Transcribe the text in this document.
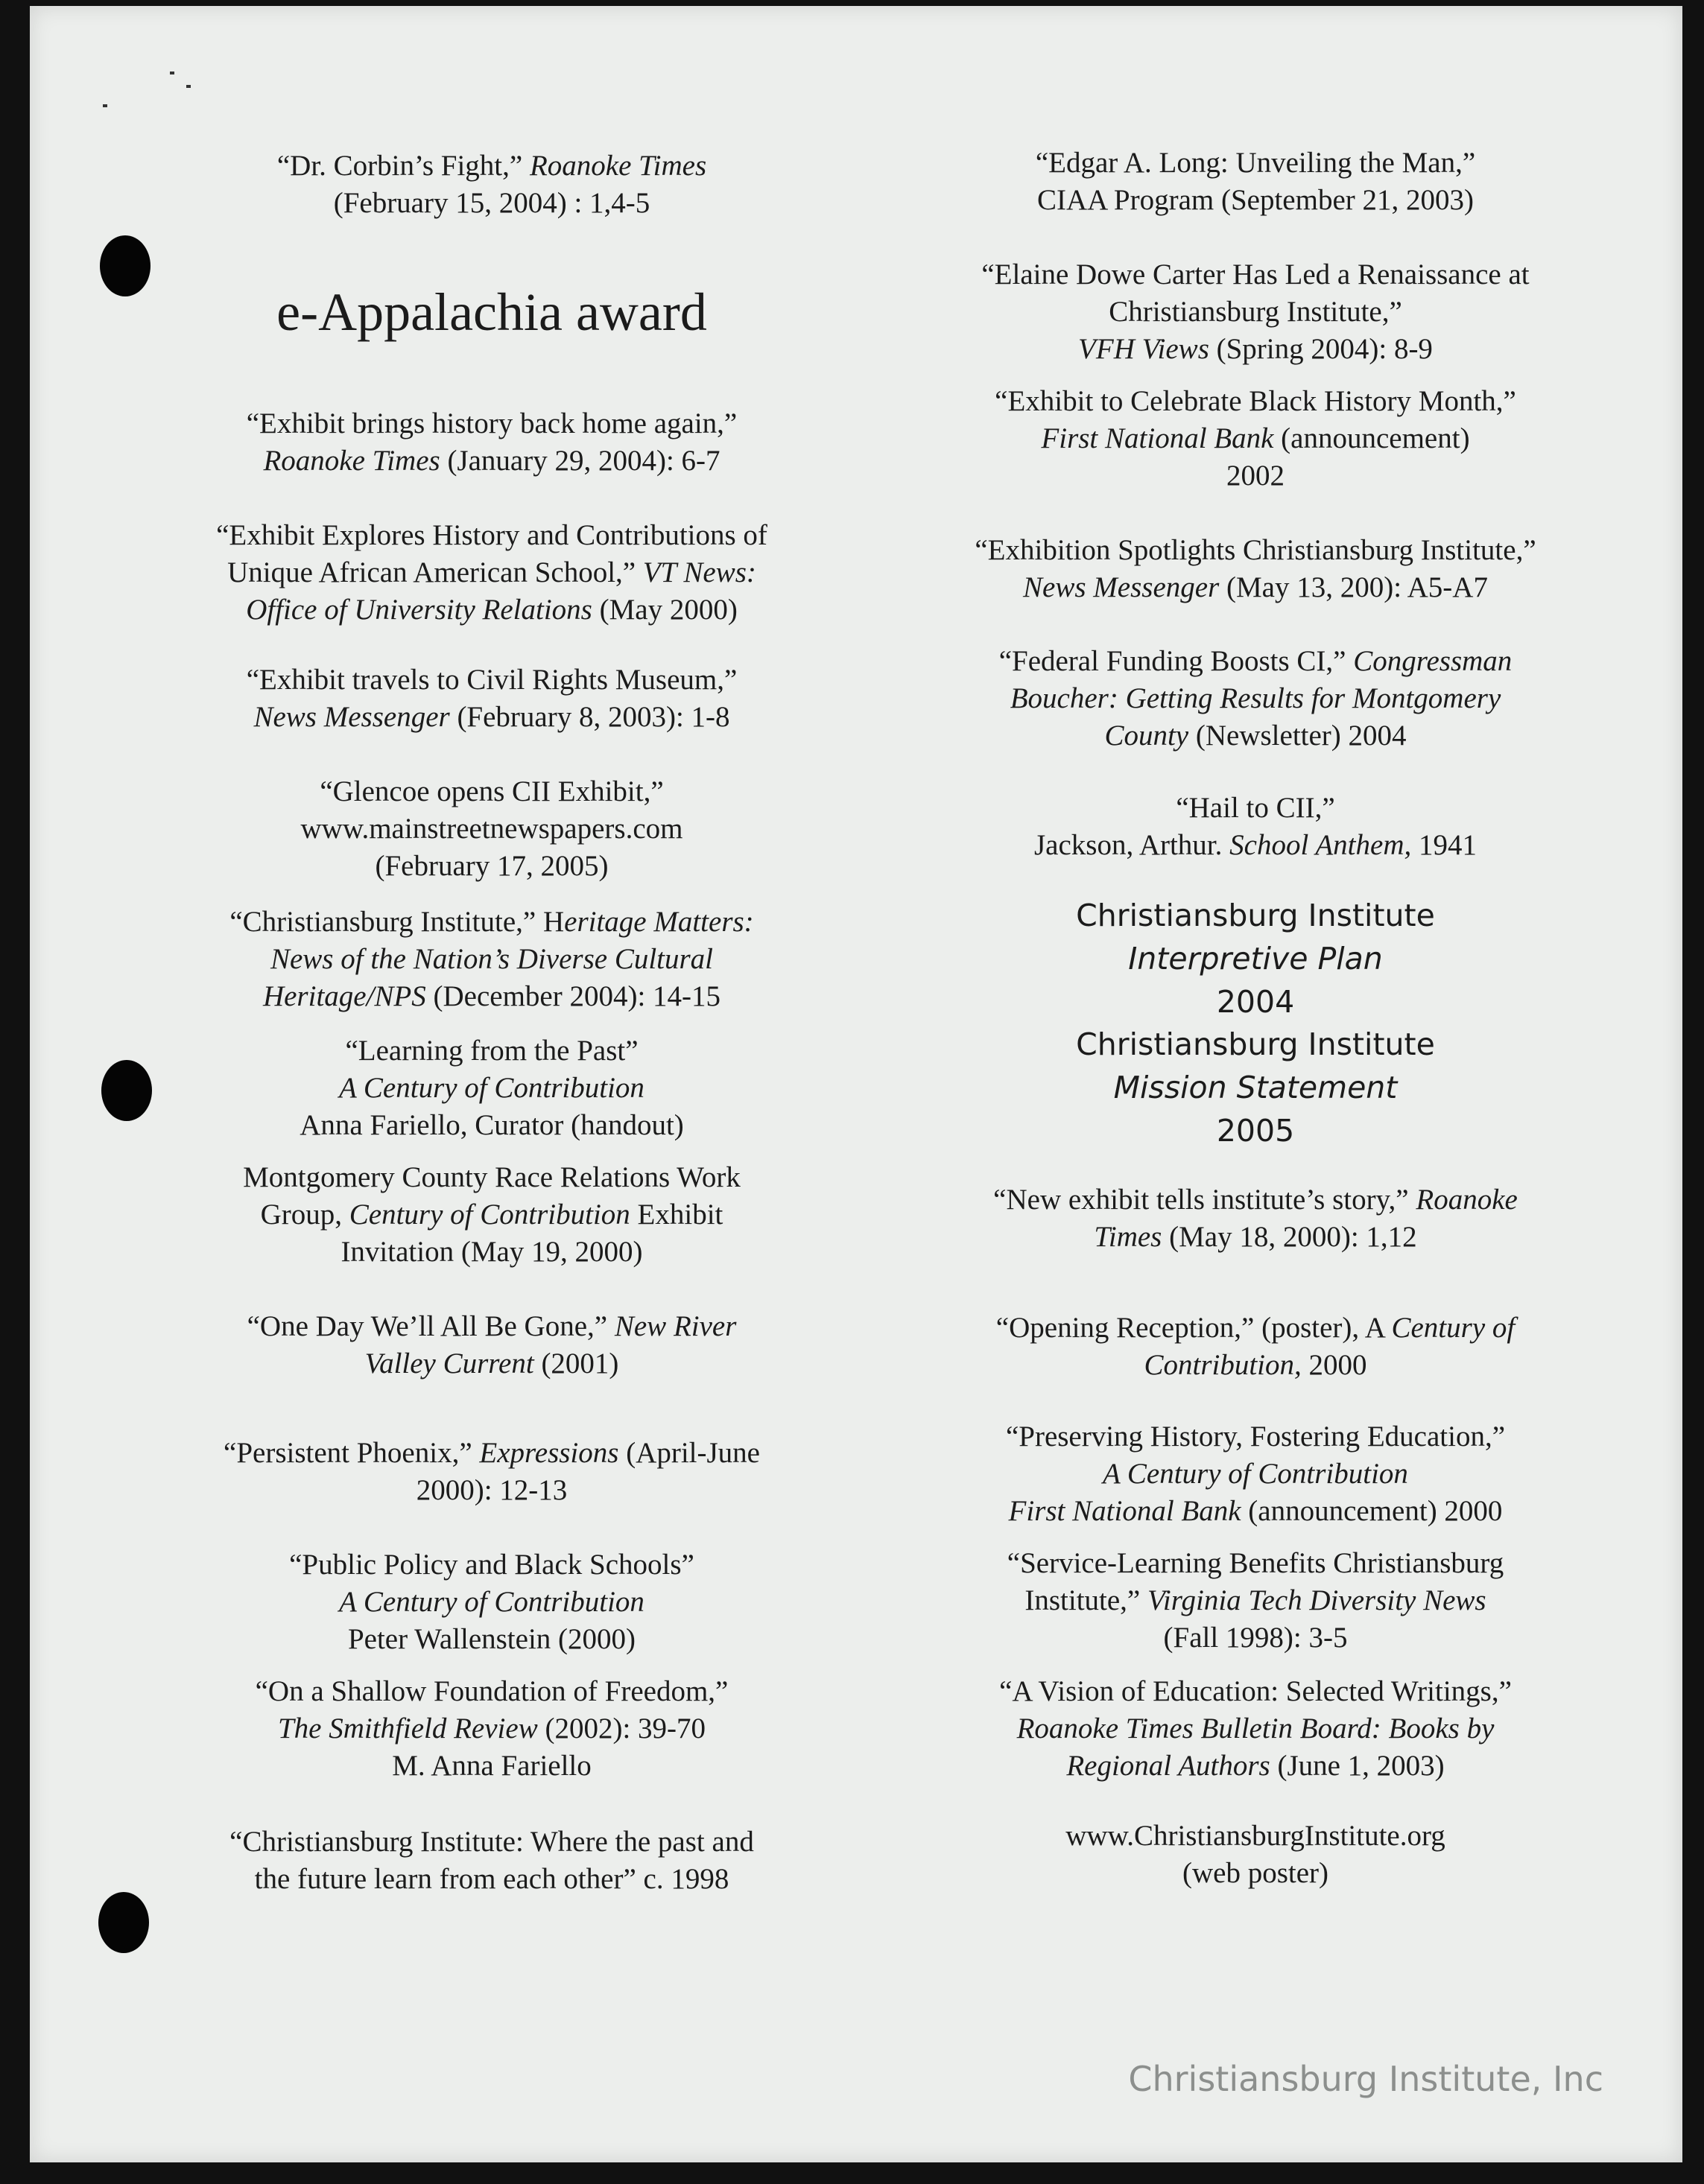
“Dr. Corbin’s Fight,” Roanoke Times
(February 15, 2004) : 1,4-5
e-Appalachia award
“Exhibit brings history back home again,”
Roanoke Times (January 29, 2004): 6-7
“Exhibit Explores History and Contributions of
Unique African American School,” VT News:
Office of University Relations (May 2000)
“Exhibit travels to Civil Rights Museum,”
News Messenger (February 8, 2003): 1-8
“Glencoe opens CII Exhibit,”
www.mainstreetnewspapers.com
(February 17, 2005)
“Christiansburg Institute,” Heritage Matters:
News of the Nation’s Diverse Cultural
Heritage/NPS (December 2004): 14-15
“Learning from the Past”
A Century of Contribution
Anna Fariello, Curator (handout)
Montgomery County Race Relations Work
Group, Century of Contribution Exhibit
Invitation (May 19, 2000)
“One Day We’ll All Be Gone,” New River
Valley Current (2001)
“Persistent Phoenix,” Expressions (April-June
2000): 12-13
“Public Policy and Black Schools”
A Century of Contribution
Peter Wallenstein (2000)
“On a Shallow Foundation of Freedom,”
The Smithfield Review (2002): 39-70
M. Anna Fariello
“Christiansburg Institute: Where the past and
the future learn from each other” c. 1998
“Edgar A. Long: Unveiling the Man,”
CIAA Program (September 21, 2003)
“Elaine Dowe Carter Has Led a Renaissance at
Christiansburg Institute,”
VFH Views (Spring 2004): 8-9
“Exhibit to Celebrate Black History Month,”
First National Bank (announcement)
2002
“Exhibition Spotlights Christiansburg Institute,”
News Messenger (May 13, 200): A5-A7
“Federal Funding Boosts CI,” Congressman
Boucher: Getting Results for Montgomery
County (Newsletter) 2004
“Hail to CII,”
Jackson, Arthur. School Anthem, 1941
Christiansburg Institute
Interpretive Plan
2004
Christiansburg Institute
Mission Statement
2005
“New exhibit tells institute’s story,” Roanoke
Times (May 18, 2000): 1,12
“Opening Reception,” (poster), A Century of
Contribution, 2000
“Preserving History, Fostering Education,”
A Century of Contribution
First National Bank (announcement) 2000
“Service-Learning Benefits Christiansburg
Institute,” Virginia Tech Diversity News
(Fall 1998): 3-5
“A Vision of Education: Selected Writings,”
Roanoke Times Bulletin Board: Books by
Regional Authors (June 1, 2003)
www.ChristiansburgInstitute.org
(web poster)
Christiansburg Institute, Inc
